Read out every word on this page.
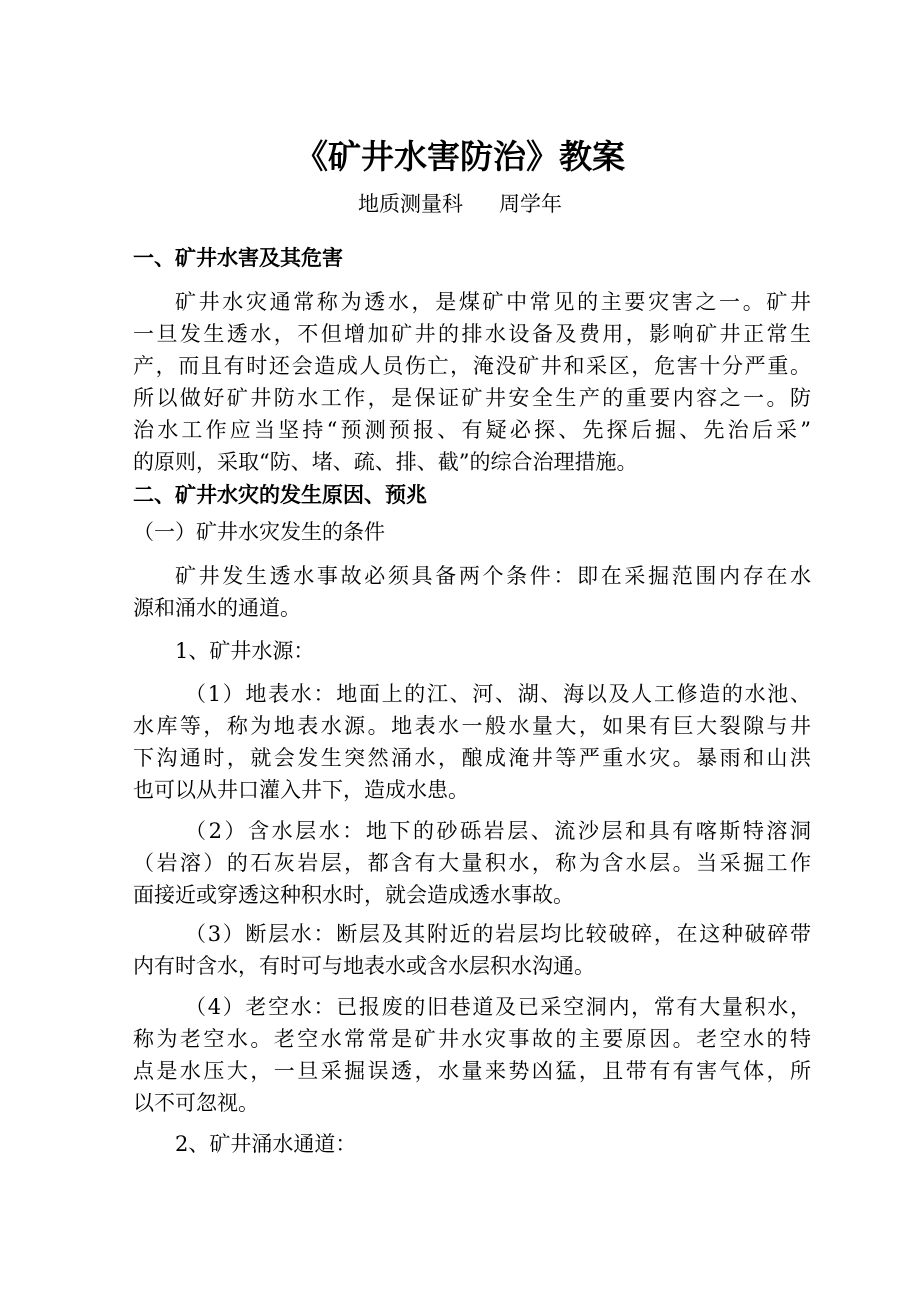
《矿井水害防治》教案
地质测量科 周学年
一、矿井水害及其危害
矿井水灾通常称为透水，是煤矿中常见的主要灾害之一。矿井
一旦发生透水，不但增加矿井的排水设备及费用，影响矿井正常生
产，而且有时还会造成人员伤亡，淹没矿井和采区，危害十分严重。
所以做好矿井防水工作，是保证矿井安全生产的重要内容之一。防
治水工作应当坚持“预测预报、有疑必探、先探后掘、先治后采”
的原则，采取“防、堵、疏、排、截”的综合治理措施。
二、矿井水灾的发生原因、预兆
（一）矿井水灾发生的条件
矿井发生透水事故必须具备两个条件：即在采掘范围内存在水
源和涌水的通道。
1、矿井水源：
（1）地表水：地面上的江、河、湖、海以及人工修造的水池、
水库等，称为地表水源。地表水一般水量大，如果有巨大裂隙与井
下沟通时，就会发生突然涌水，酿成淹井等严重水灾。暴雨和山洪
也可以从井口灌入井下，造成水患。
（2）含水层水：地下的砂砾岩层、流沙层和具有喀斯特溶洞
（岩溶）的石灰岩层，都含有大量积水，称为含水层。当采掘工作
面接近或穿透这种积水时，就会造成透水事故。
（3）断层水：断层及其附近的岩层均比较破碎，在这种破碎带
内有时含水，有时可与地表水或含水层积水沟通。
（4）老空水：已报废的旧巷道及已采空洞内，常有大量积水，
称为老空水。老空水常常是矿井水灾事故的主要原因。老空水的特
点是水压大，一旦采掘误透，水量来势凶猛，且带有有害气体，所
以不可忽视。
2、矿井涌水通道：
